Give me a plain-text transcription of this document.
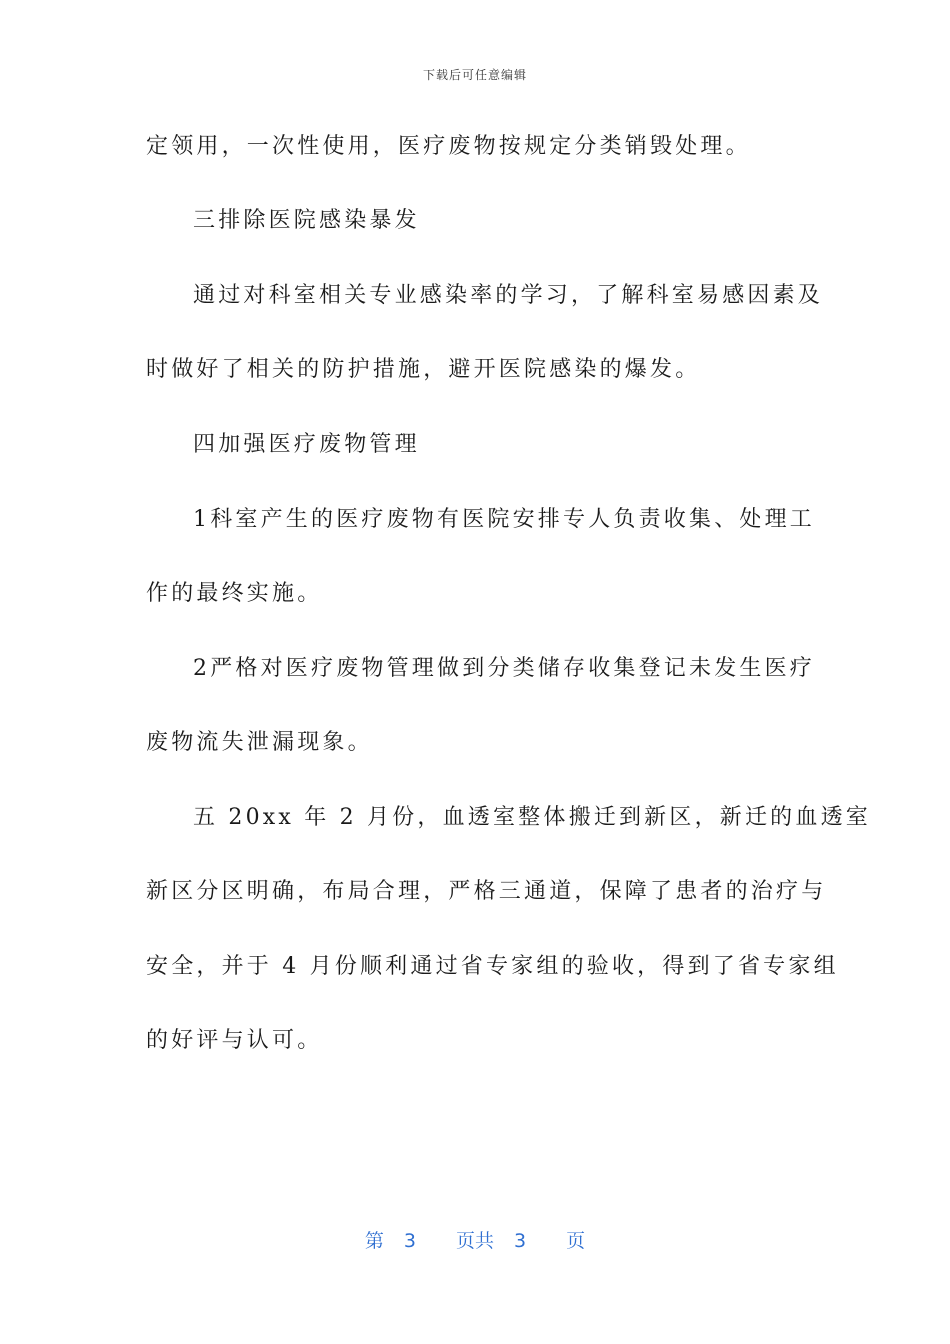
下载后可任意编辑
定领用，一次性使用，医疗废物按规定分类销毁处理。
三排除医院感染暴发
通过对科室相关专业感染率的学习，了解科室易感因素及
时做好了相关的防护措施，避开医院感染的爆发。
四加强医疗废物管理
1科室产生的医疗废物有医院安排专人负责收集、处理工
作的最终实施。
2严格对医疗废物管理做到分类储存收集登记未发生医疗
废物流失泄漏现象。
五 20xx 年 2 月份，血透室整体搬迁到新区，新迁的血透室
新区分区明确，布局合理，严格三通道，保障了患者的治疗与
安全，并于 4 月份顺利通过省专家组的验收，得到了省专家组
的好评与认可。
第 3 页共 3 页
